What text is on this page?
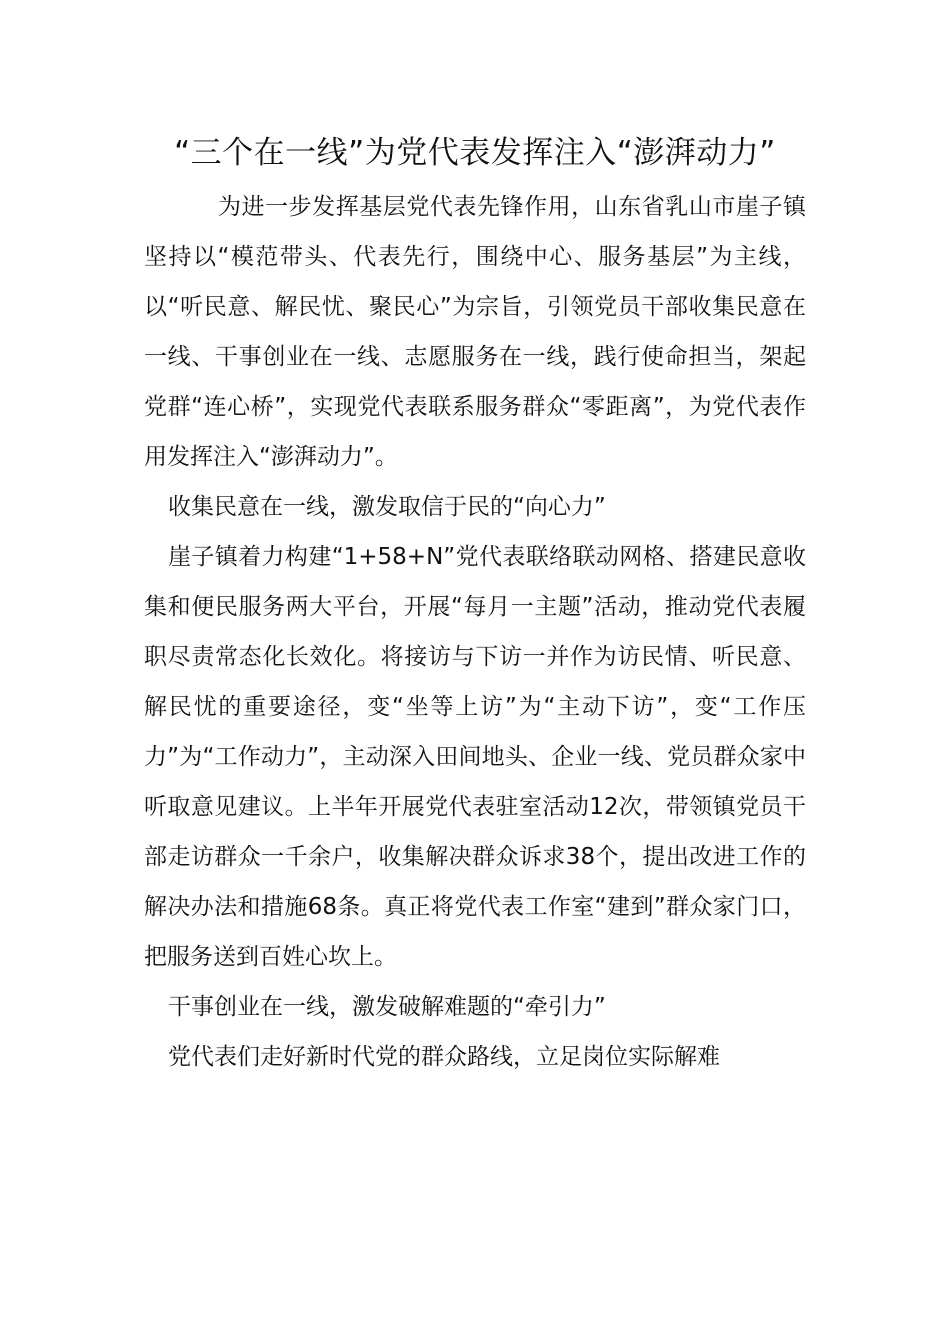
“三个在一线”为党代表发挥注入“澎湃动力”

为进一步发挥基层党代表先锋作用，山东省乳山市崖子镇坚持以“模范带头、代表先行，围绕中心、服务基层”为主线，以“听民意、解民忧、聚民心”为宗旨，引领党员干部收集民意在一线、干事创业在一线、志愿服务在一线，践行使命担当，架起党群“连心桥”，实现党代表联系服务群众“零距离”，为党代表作用发挥注入“澎湃动力”。

收集民意在一线，激发取信于民的“向心力”

崖子镇着力构建“1+58+N”党代表联络联动网格、搭建民意收集和便民服务两大平台，开展“每月一主题”活动，推动党代表履职尽责常态化长效化。将接访与下访一并作为访民情、听民意、解民忧的重要途径，变“坐等上访”为“主动下访”，变“工作压力”为“工作动力”，主动深入田间地头、企业一线、党员群众家中听取意见建议。上半年开展党代表驻室活动12次，带领镇党员干部走访群众一千余户，收集解决群众诉求38个，提出改进工作的解决办法和措施68条。真正将党代表工作室“建到”群众家门口，把服务送到百姓心坎上。

干事创业在一线，激发破解难题的“牵引力”

党代表们走好新时代党的群众路线，立足岗位实际解难
